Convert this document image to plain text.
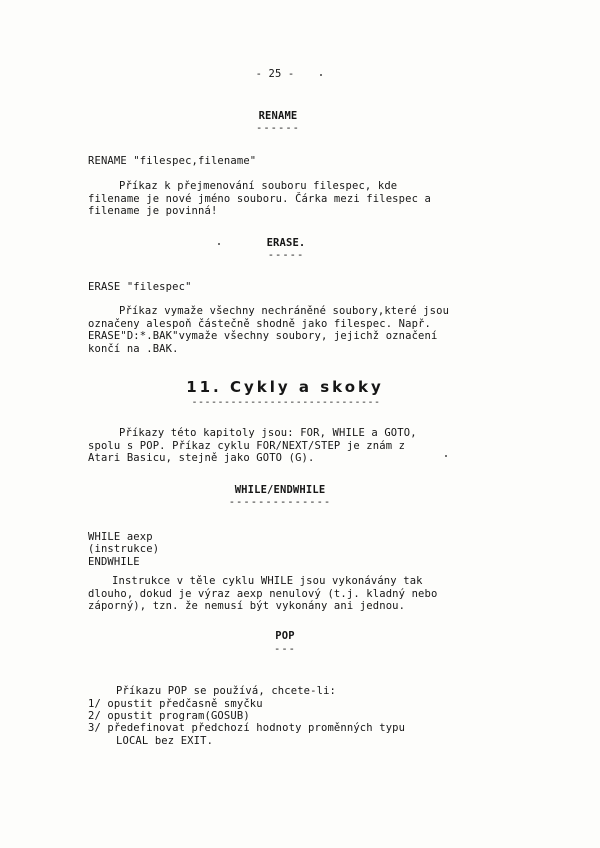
- 25 -
RENAME
------
RENAME "filespec,filename"
Příkaz k přejmenování souboru filespec, kde
filename je nové jméno souboru. Čárka mezi filespec a
filename je povinná!
ERASE.
-----
ERASE "filespec"
Příkaz vymaže všechny nechráněné soubory,které jsou
označeny alespoň částečně shodně jako filespec. Např.
ERASE"D:*.BAK"vymaže všechny soubory, jejichž označení
končí na .BAK.
11. Cykly a skoky
-----------------------------
Příkazy této kapitoly jsou: FOR, WHILE a GOTO,
spolu s POP. Příkaz cyklu FOR/NEXT/STEP je znám z
Atari Basicu, stejně jako GOTO (G).
WHILE/ENDWHILE
--------------
WHILE aexp
(instrukce)
ENDWHILE
Instrukce v těle cyklu WHILE jsou vykonávány tak
dlouho, dokud je výraz aexp nenulový (t.j. kladný nebo
záporný), tzn. že nemusí být vykonány ani jednou.
POP
---
Příkazu POP se používá, chcete-li:
1/ opustit předčasně smyčku
2/ opustit program(GOSUB)
3/ předefinovat předchozí hodnoty proměnných typu
LOCAL bez EXIT.
